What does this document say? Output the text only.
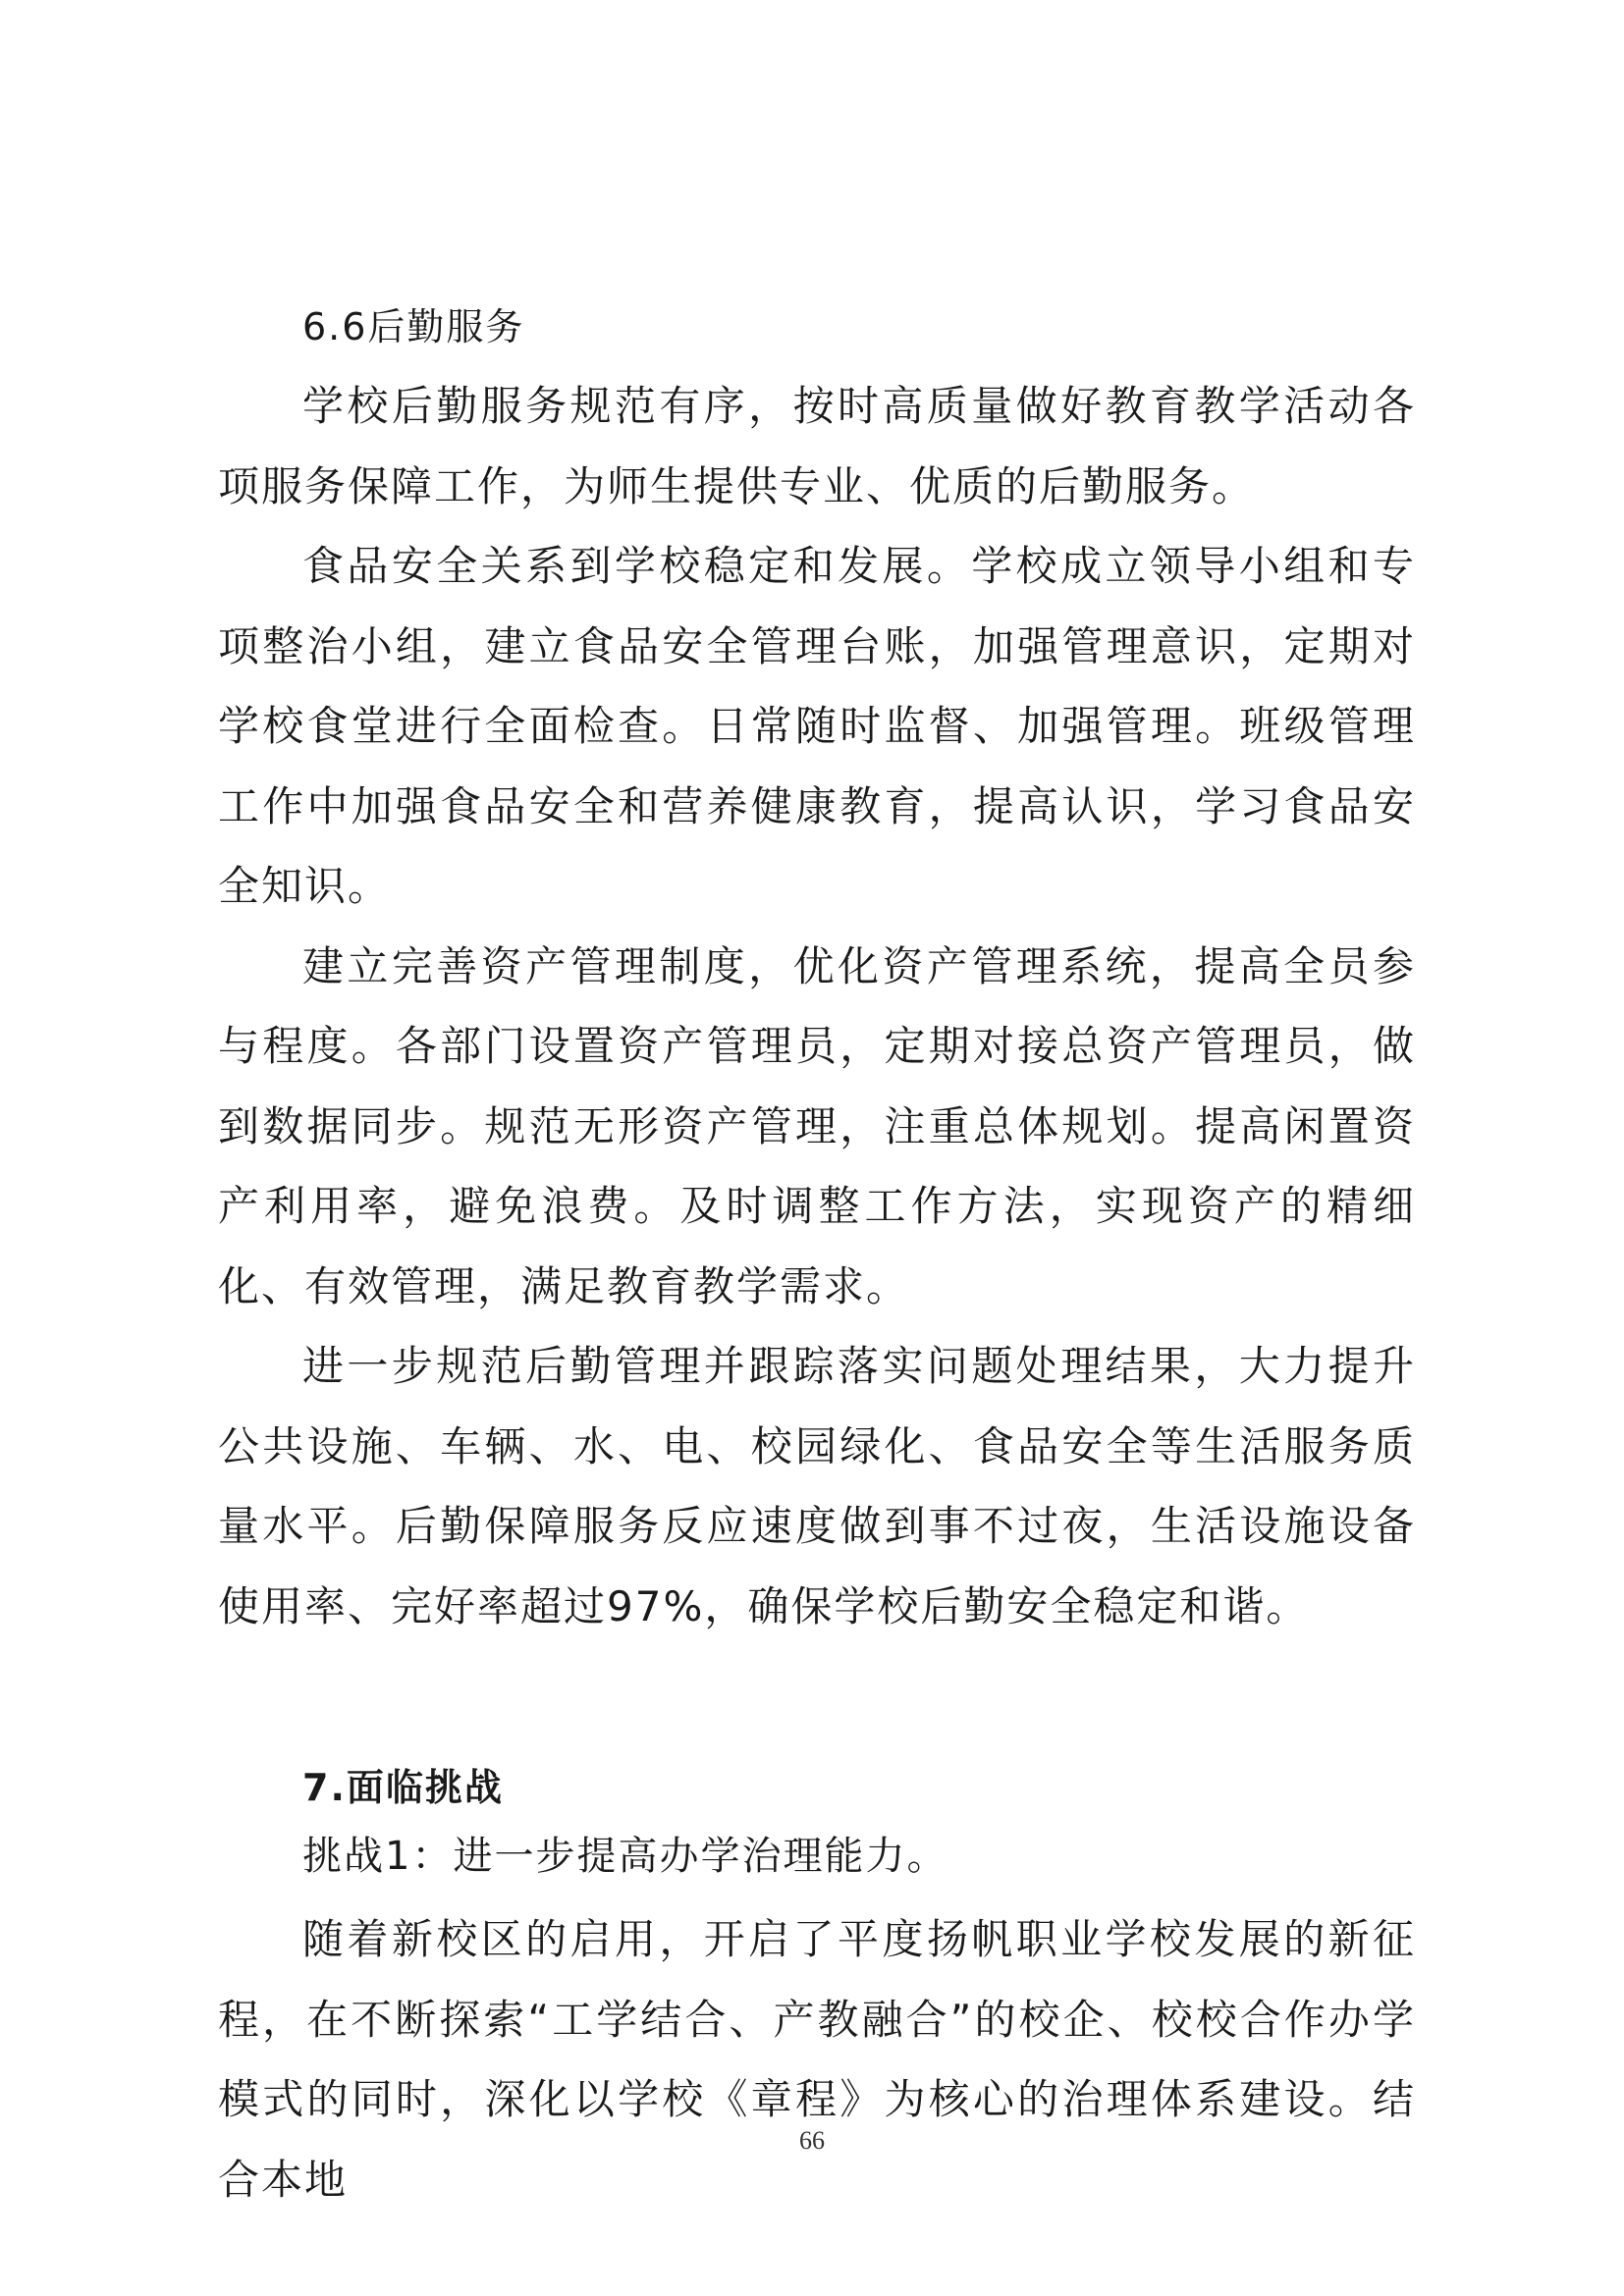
6.6后勤服务

学校后勤服务规范有序，按时高质量做好教育教学活动各项服务保障工作，为师生提供专业、优质的后勤服务。

食品安全关系到学校稳定和发展。学校成立领导小组和专项整治小组，建立食品安全管理台账，加强管理意识，定期对学校食堂进行全面检查。日常随时监督、加强管理。班级管理工作中加强食品安全和营养健康教育，提高认识，学习食品安全知识。

建立完善资产管理制度，优化资产管理系统，提高全员参与程度。各部门设置资产管理员，定期对接总资产管理员，做到数据同步。规范无形资产管理，注重总体规划。提高闲置资产利用率，避免浪费。及时调整工作方法，实现资产的精细化、有效管理，满足教育教学需求。

进一步规范后勤管理并跟踪落实问题处理结果，大力提升公共设施、车辆、水、电、校园绿化、食品安全等生活服务质量水平。后勤保障服务反应速度做到事不过夜，生活设施设备使用率、完好率超过97%，确保学校后勤安全稳定和谐。

7.面临挑战

挑战1：进一步提高办学治理能力。

随着新校区的启用，开启了平度扬帆职业学校发展的新征程，在不断探索“工学结合、产教融合”的校企、校校合作办学模式的同时，深化以学校《章程》为核心的治理体系建设。结合本地

66
